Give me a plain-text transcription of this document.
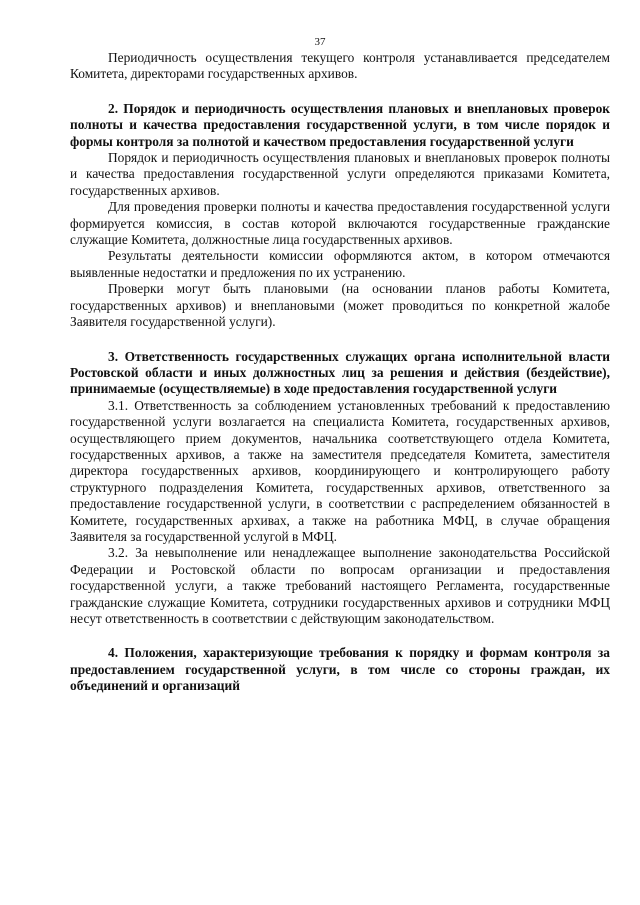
37

Периодичность осуществления текущего контроля устанавливается председателем Комитета, директорами государственных архивов.

2. Порядок и периодичность осуществления плановых и внеплановых проверок полноты и качества предоставления государственной услуги, в том числе порядок и формы контроля за полнотой и качеством предоставления государственной услуги

Порядок и периодичность осуществления плановых и внеплановых проверок полноты и качества предоставления государственной услуги определяются приказами Комитета, государственных архивов.

Для проведения проверки полноты и качества предоставления государственной услуги формируется комиссия, в состав которой включаются государственные гражданские служащие Комитета, должностные лица государственных архивов.

Результаты деятельности комиссии оформляются актом, в котором отмечаются выявленные недостатки и предложения по их устранению.

Проверки могут быть плановыми (на основании планов работы Комитета, государственных архивов) и внеплановыми (может проводиться по конкретной жалобе Заявителя государственной услуги).

3. Ответственность государственных служащих органа исполнительной власти Ростовской области и иных должностных лиц за решения и действия (бездействие), принимаемые (осуществляемые) в ходе предоставления государственной услуги

3.1. Ответственность за соблюдением установленных требований к предоставлению государственной услуги возлагается на специалиста Комитета, государственных архивов, осуществляющего прием документов, начальника соответствующего отдела Комитета, государственных архивов, а также на заместителя председателя Комитета, заместителя директора государственных архивов, координирующего и контролирующего работу структурного подразделения Комитета, государственных архивов, ответственного за предоставление государственной услуги, в соответствии с распределением обязанностей в Комитете, государственных архивах, а также на работника МФЦ, в случае обращения Заявителя за государственной услугой в МФЦ.

3.2. За невыполнение или ненадлежащее выполнение законодательства Российской Федерации и Ростовской области по вопросам организации и предоставления государственной услуги, а также требований настоящего Регламента, государственные гражданские служащие Комитета, сотрудники государственных архивов и сотрудники МФЦ несут ответственность в соответствии с действующим законодательством.

4. Положения, характеризующие требования к порядку и формам контроля за предоставлением государственной услуги, в том числе со стороны граждан, их объединений и организаций
